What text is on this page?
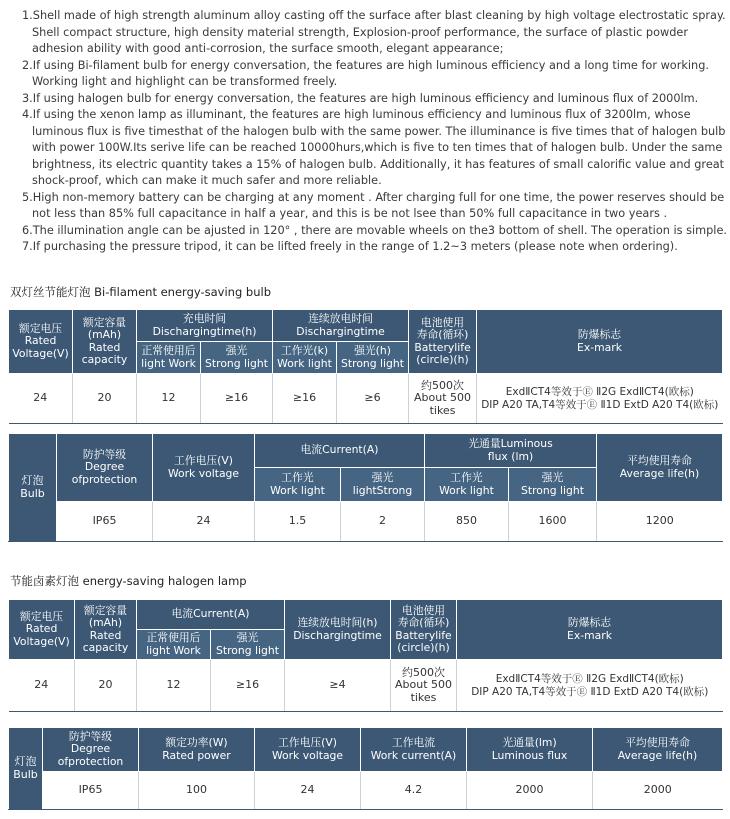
1.Shell made of high strength aluminum alloy casting off the surface after blast cleaning by high voltage electrostatic spray. Shell compact structure, high density material strength, Explosion-proof performance, the surface of plastic powder adhesion ability with good anti-corrosion, the surface smooth, elegant appearance;

2.If using Bi-filament bulb for energy conversation, the features are high luminous efficiency and a long time for working. Working light and highlight can be transformed freely.

3.If using halogen bulb for energy conversation, the features are high luminous efficiency and luminous flux of 2000lm.

4.If using the xenon lamp as illuminant, the features are high luminous efficiency and luminous flux of 3200lm, whose luminous flux is five timesthat of the halogen bulb with the same power. The illuminance is five times that of halogen bulb with power 100W.Its serive life can be reached 10000hurs,which is five to ten times that of halogen bulb. Under the same brightness, its electric quantity takes a 15% of halogen bulb. Additionally, it has features of small calorific value and great shock-proof, which can make it much safer and more reliable.

5.High non-memory battery can be charging at any moment . After charging full for one time, the power reserves should be not less than 85% full capacitance in half a year, and this is be not lsee than 50% full capacitance in two years .

6.The illumination angle can be ajusted in 120° , there are movable wheels on the3 bottom of shell. The operation is simple.

7.If purchasing the pressure tripod, it can be lifted freely in the range of 1.2~3 meters (please note when ordering).

双灯丝节能灯泡 Bi-filament energy-saving bulb

额定电压
Rated
Voltage(V)	额定容量
(mAh)
Rated
capacity	充电时间
Dischargingtime(h)		连续放电时间
Dischargingtime		电池使用
寿命(循环)
Batterylife
(circle)(h)	防爆标志
Ex-mark

		正常使用后
light Work	强光
Strong light	工作光(k)
Work light	强光(h)
Strong light		

24	20	12	≥16	≥16	≥6	约500次
About 500
tikes	ExdⅡCT4等效于Ⓔ Ⅱ2G ExdⅡCT4(欧标)
DIP A20 TA,T4等效于Ⓔ Ⅱ1D ExtD A20 T4(欧标)
灯泡
Bulb	防护等级
Degree
ofprotection	工作电压(V)
Work voltage	电流Current(A)		光通量Luminous
flux (lm)		平均使用寿命
Average life(h)

			工作光
Work light	强光
lightStrong	工作光
Work light	强光
Strong light	

	IP65	24	1.5	2	850	1600	1200

节能卤素灯泡 energy-saving halogen lamp

额定电压
Rated
Voltage(V)	额定容量
(mAh)
Rated
capacity	电流Current(A)		连续放电时间(h)
Dischargingtime	电池使用
寿命(循环)
Batterylife
(circle)(h)	防爆标志
Ex-mark

		正常使用后
light Work	强光
Strong light			

24	20	12	≥16	≥4	约500次
About 500
tikes	ExdⅡCT4等效于Ⓔ Ⅱ2G ExdⅡCT4(欧标)
DIP A20 TA,T4等效于Ⓔ Ⅱ1D ExtD A20 T4(欧标)
灯泡
Bulb	防护等级
Degree
ofprotection	额定功率(W)
Rated power	工作电压(V)
Work voltage	工作电流
Work current(A)	光通量(lm)
Luminous flux	平均使用寿命
Average life(h)

	IP65	100	24	4.2	2000	2000
